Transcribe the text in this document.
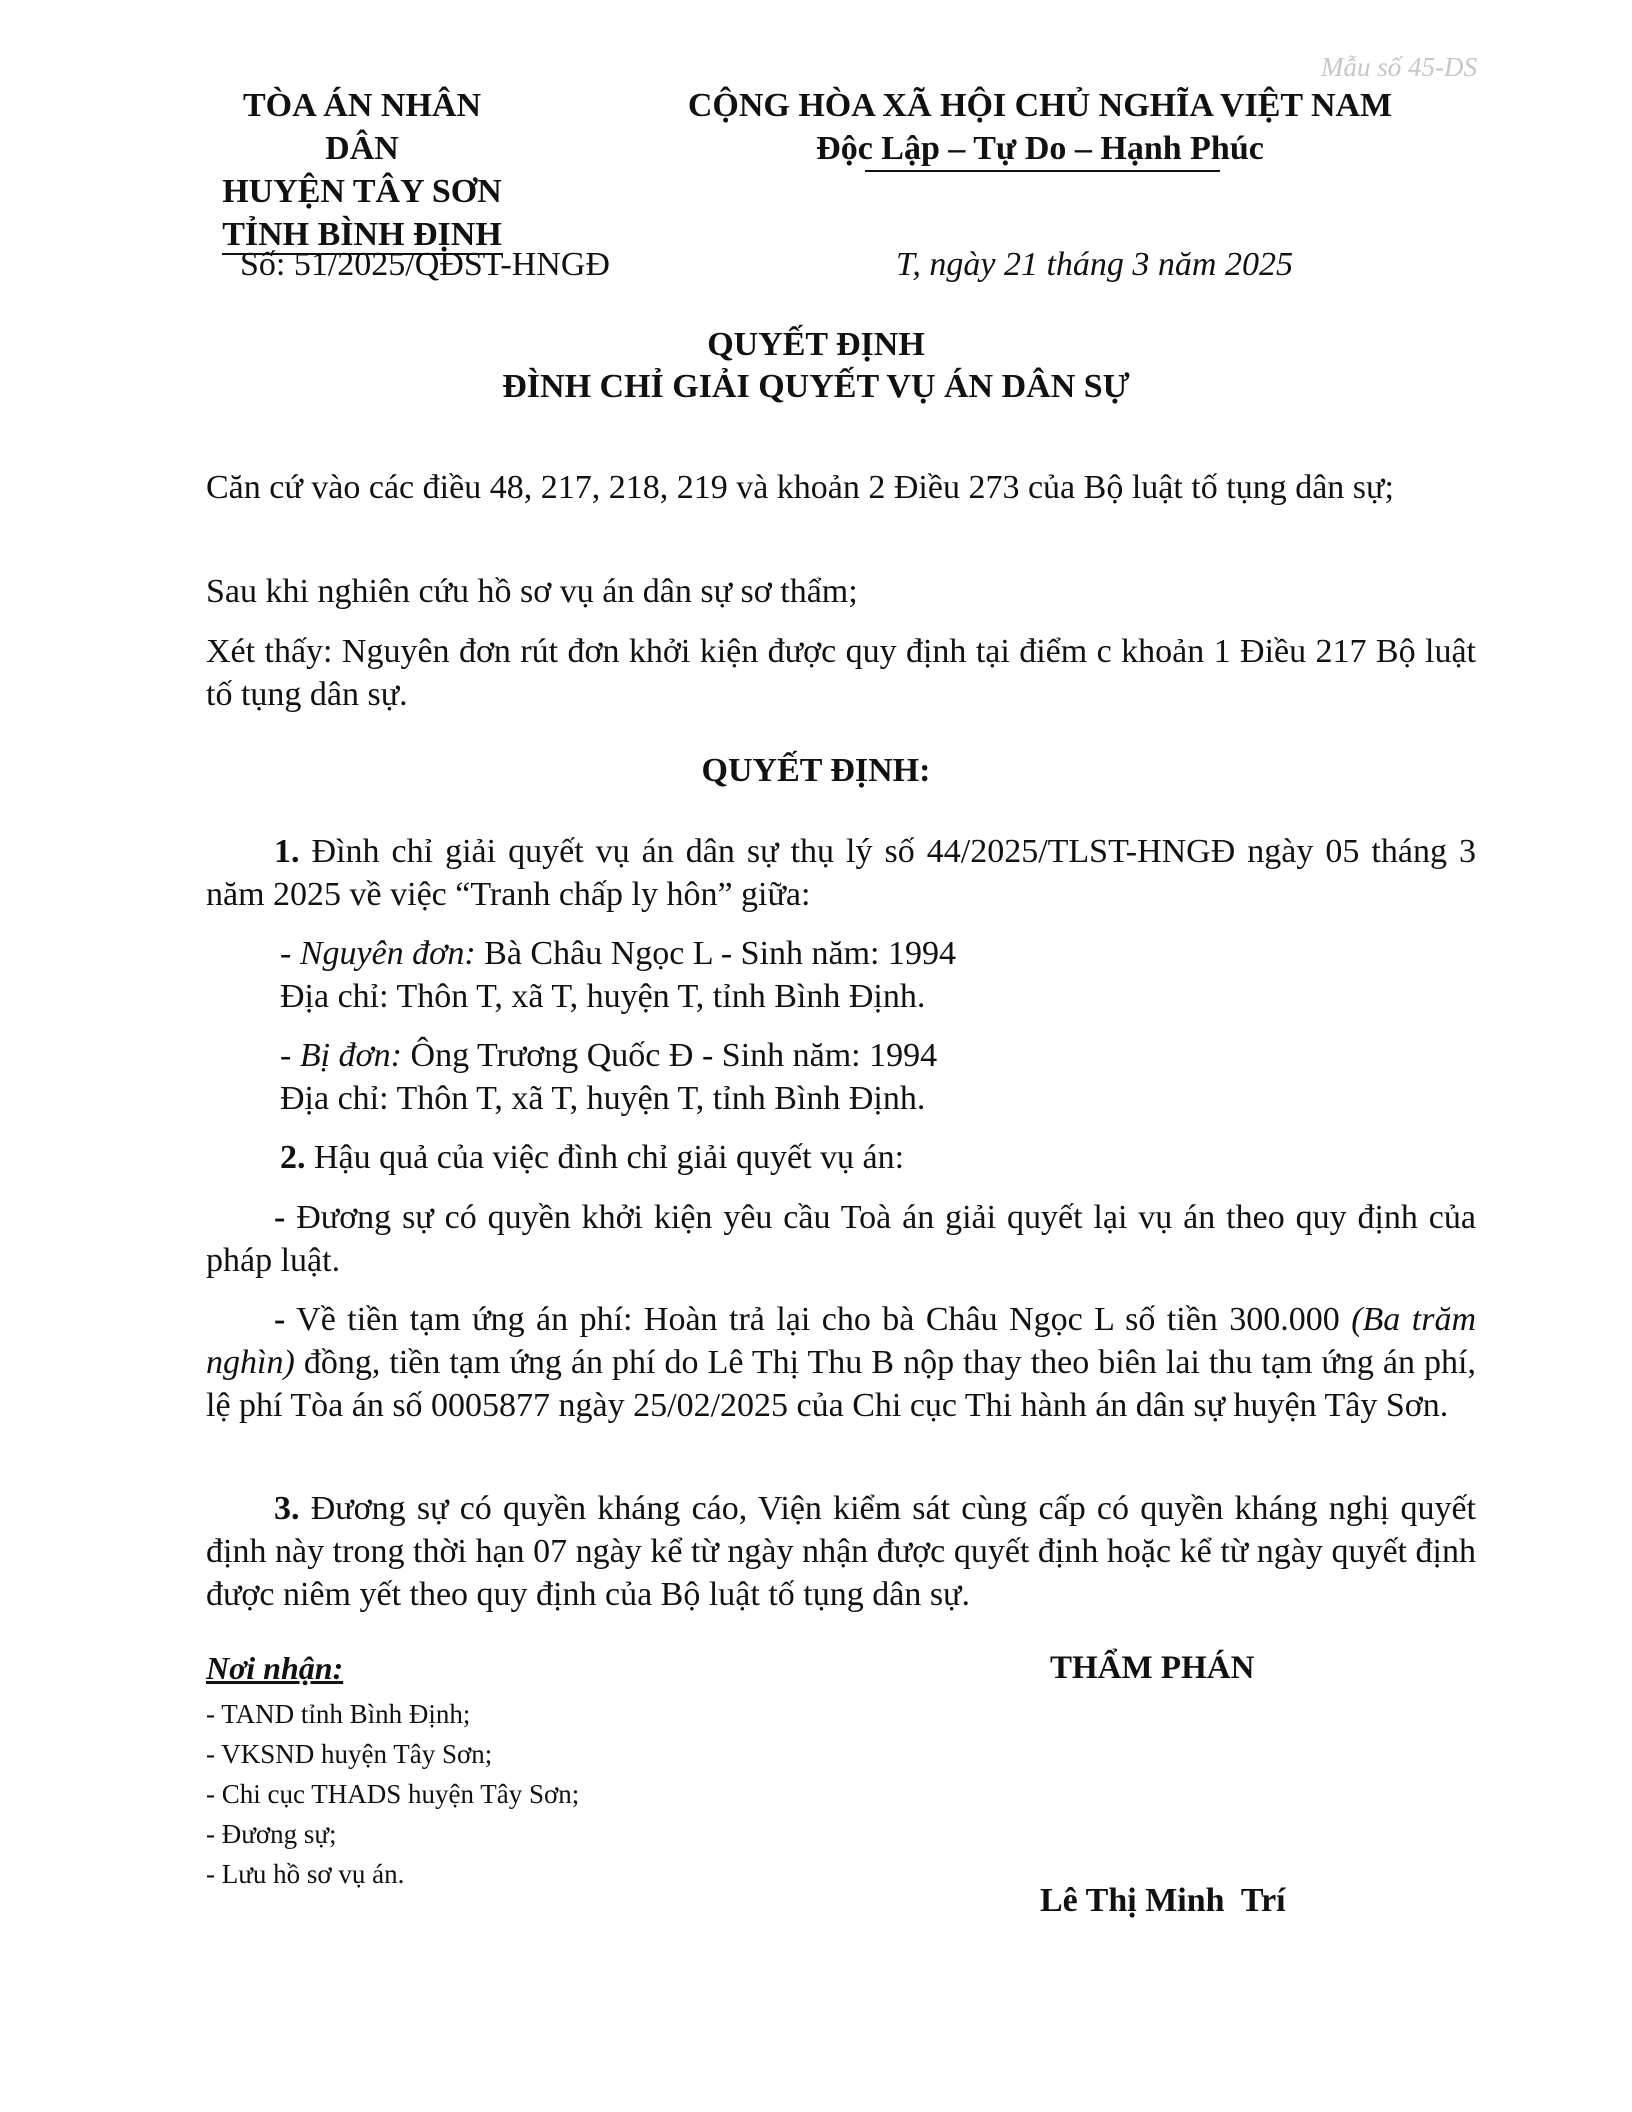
Mẫu số 45-DS
TÒA ÁN NHÂN DÂN
HUYỆN TÂY SƠN
TỈNH BÌNH ĐỊNH
CỘNG HÒA XÃ HỘI CHỦ NGHĨA VIỆT NAM
Độc Lập – Tự Do – Hạnh Phúc
Số: 51/2025/QĐST-HNGĐ	T, ngày 21 tháng 3 năm 2025
QUYẾT ĐỊNH
ĐÌNH CHỈ GIẢI QUYẾT VỤ ÁN DÂN SỰ
Căn cứ vào các điều 48, 217, 218, 219 và khoản 2 Điều 273 của Bộ luật tố tụng dân sự;
Sau khi nghiên cứu hồ sơ vụ án dân sự sơ thẩm;
Xét thấy: Nguyên đơn rút đơn khởi kiện được quy định tại điểm c khoản 1 Điều 217 Bộ luật tố tụng dân sự.
QUYẾT ĐỊNH:
1. Đình chỉ giải quyết vụ án dân sự thụ lý số 44/2025/TLST-HNGĐ ngày 05 tháng 3 năm 2025 về việc “Tranh chấp ly hôn” giữa:
- Nguyên đơn: Bà Châu Ngọc L - Sinh năm: 1994
Địa chỉ: Thôn T, xã T, huyện T, tỉnh Bình Định.
- Bị đơn: Ông Trương Quốc Đ - Sinh năm: 1994
Địa chỉ: Thôn T, xã T, huyện T, tỉnh Bình Định.
2. Hậu quả của việc đình chỉ giải quyết vụ án:
- Đương sự có quyền khởi kiện yêu cầu Toà án giải quyết lại vụ án theo quy định của pháp luật.
- Về tiền tạm ứng án phí: Hoàn trả lại cho bà Châu Ngọc L số tiền 300.000 (Ba trăm nghìn) đồng, tiền tạm ứng án phí do Lê Thị Thu B nộp thay theo biên lai thu tạm ứng án phí, lệ phí Tòa án số 0005877 ngày 25/02/2025 của Chi cục Thi hành án dân sự huyện Tây Sơn.
3. Đương sự có quyền kháng cáo, Viện kiểm sát cùng cấp có quyền kháng nghị quyết định này trong thời hạn 07 ngày kể từ ngày nhận được quyết định hoặc kể từ ngày quyết định được niêm yết theo quy định của Bộ luật tố tụng dân sự.
Nơi nhận:
- TAND tỉnh Bình Định;
- VKSND huyện Tây Sơn;
- Chi cục THADS huyện Tây Sơn;
- Đương sự;
- Lưu hồ sơ vụ án.
THẨM PHÁN
Lê Thị Minh  Trí
